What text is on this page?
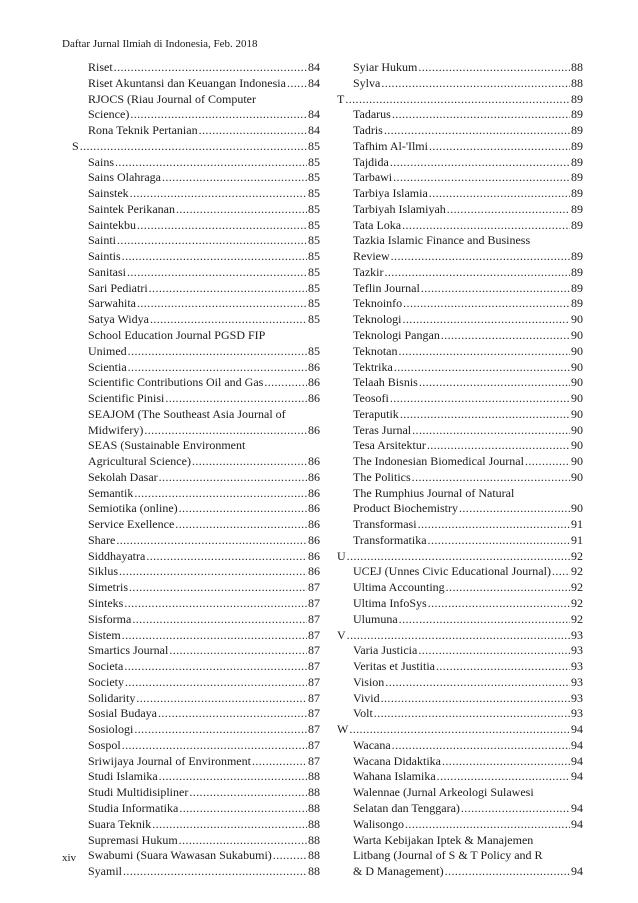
Daftar Jurnal Ilmiah di Indonesia, Feb. 2018
Riset .....	84
Riset Akuntansi dan Keuangan Indonesia ..... 84
RJOCS (Riau Journal of Computer
Science) .....	84
Rona Teknik Pertanian .....	84
S .....	85
Sains .....	85
Sains Olahraga .....	85
Sainstek .....	85
Saintek Perikanan .....	85
Saintekbu .....	85
Sainti .....	85
Saintis .....	85
Sanitasi .....	85
Sari Pediatri .....	85
Sarwahita .....	85
Satya Widya .....	85
School Education Journal PGSD FIP
Unimed .....	85
Scientia .....	86
Scientific Contributions Oil and Gas .....	86
Scientific Pinisi .....	86
SEAJOM (The Southeast Asia Journal of
Midwifery) .....	86
SEAS (Sustainable Environment
Agricultural Science) .....	86
Sekolah Dasar .....	86
Semantik .....	86
Semiotika (online) .....	86
Service Exellence .....	86
Share .....	86
Siddhayatra .....	86
Siklus .....	86
Simetris .....	87
Sinteks .....	87
Sisforma .....	87
Sistem .....	87
Smartics Journal .....	87
Societa .....	87
Society .....	87
Solidarity .....	87
Sosial Budaya .....	87
Sosiologi .....	87
Sospol .....	87
Sriwijaya Journal of Environment .....	87
Studi Islamika .....	88
Studi Multidisipliner .....	88
Studia Informatika .....	88
Suara Teknik .....	88
Supremasi Hukum .....	88
Swabumi (Suara Wawasan Sukabumi) .....	88
Syamil .....	88
Syiar Hukum .....	88
Sylva .....	88
T .....	89
Tadarus .....	89
Tadris .....	89
Tafhim Al-'Ilmi .....	89
Tajdida .....	89
Tarbawi .....	89
Tarbiya Islamia .....	89
Tarbiyah Islamiyah .....	89
Tata Loka .....	89
Tazkia Islamic Finance and Business
Review .....	89
Tazkir .....	89
Teflin Journal .....	89
Teknoinfo .....	89
Teknologi .....	90
Teknologi Pangan .....	90
Teknotan .....	90
Tektrika .....	90
Telaah Bisnis .....	90
Teosofi .....	90
Teraputik .....	90
Teras Jurnal .....	90
Tesa Arsitektur .....	90
The Indonesian Biomedical Journal .....	90
The Politics .....	90
The Rumphius Journal of Natural
Product Biochemistry .....	90
Transformasi .....	91
Transformatika .....	91
U .....	92
UCEJ (Unnes Civic Educational Journal) ..... 92
Ultima Accounting .....	92
Ultima InfoSys .....	92
Ulumuna .....	92
V .....	93
Varia Justicia .....	93
Veritas et Justitia .....	93
Vision .....	93
Vivid .....	93
Volt .....	93
W .....	94
Wacana .....	94
Wacana Didaktika .....	94
Wahana Islamika .....	94
Walennae (Jurnal Arkeologi Sulawesi
Selatan dan Tenggara) .....	94
Walisongo .....	94
Warta Kebijakan Iptek & Manajemen
Litbang (Journal of S & T Policy and R
& D Management) .....	94
xiv
